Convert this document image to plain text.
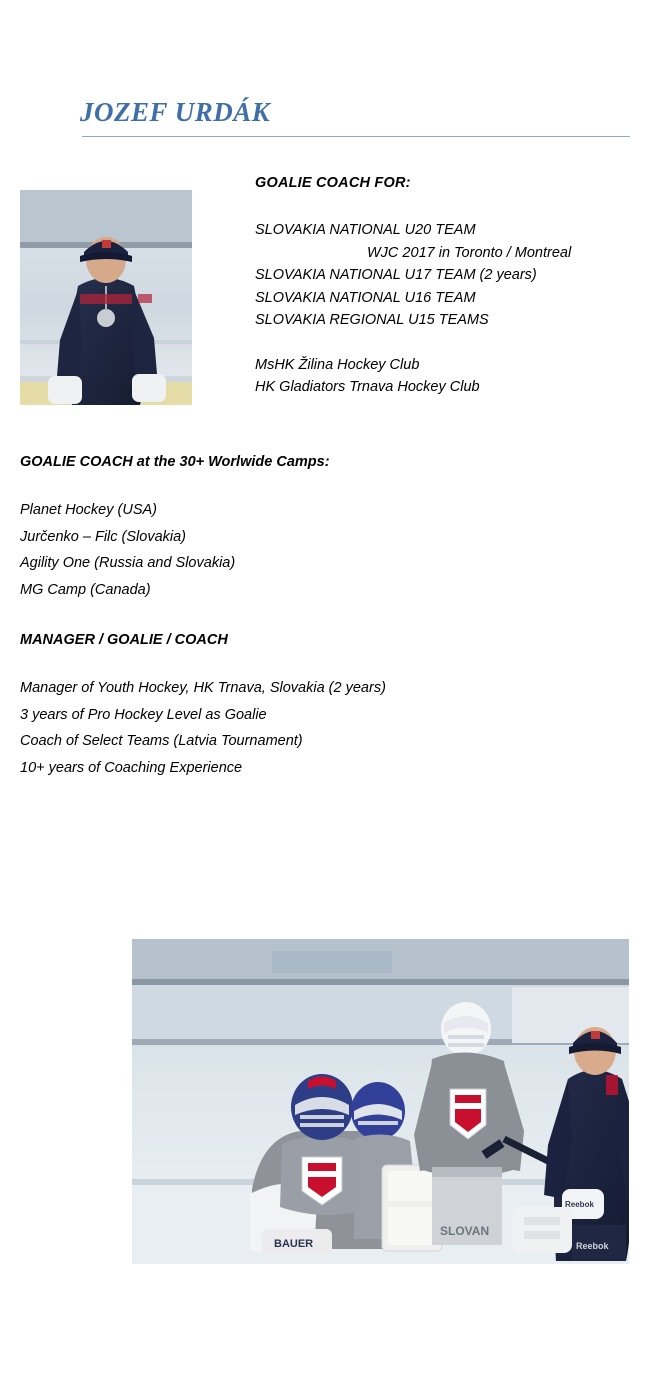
JOZEF URDÁK

GOALIE COACH FOR:

SLOVAKIA NATIONAL U20 TEAM
WJC 2017 in Toronto / Montreal
SLOVAKIA NATIONAL U17 TEAM (2 years)
SLOVAKIA NATIONAL U16 TEAM
SLOVAKIA REGIONAL U15 TEAMS
MsHK Žilina Hockey Club
HK Gladiators Trnava Hockey Club

GOALIE COACH at the 30+ Worlwide Camps:

Planet Hockey (USA)
Jurčenko – Filc (Slovakia)
Agility One (Russia and Slovakia)
MG Camp (Canada)

MANAGER / GOALIE / COACH

Manager of Youth Hockey, HK Trnava, Slovakia (2 years)
3 years of Pro Hockey Level as Goalie
Coach of Select Teams (Latvia Tournament)
10+ years of Coaching Experience
BAUER
SLOVAN
Reebok
Reebok
